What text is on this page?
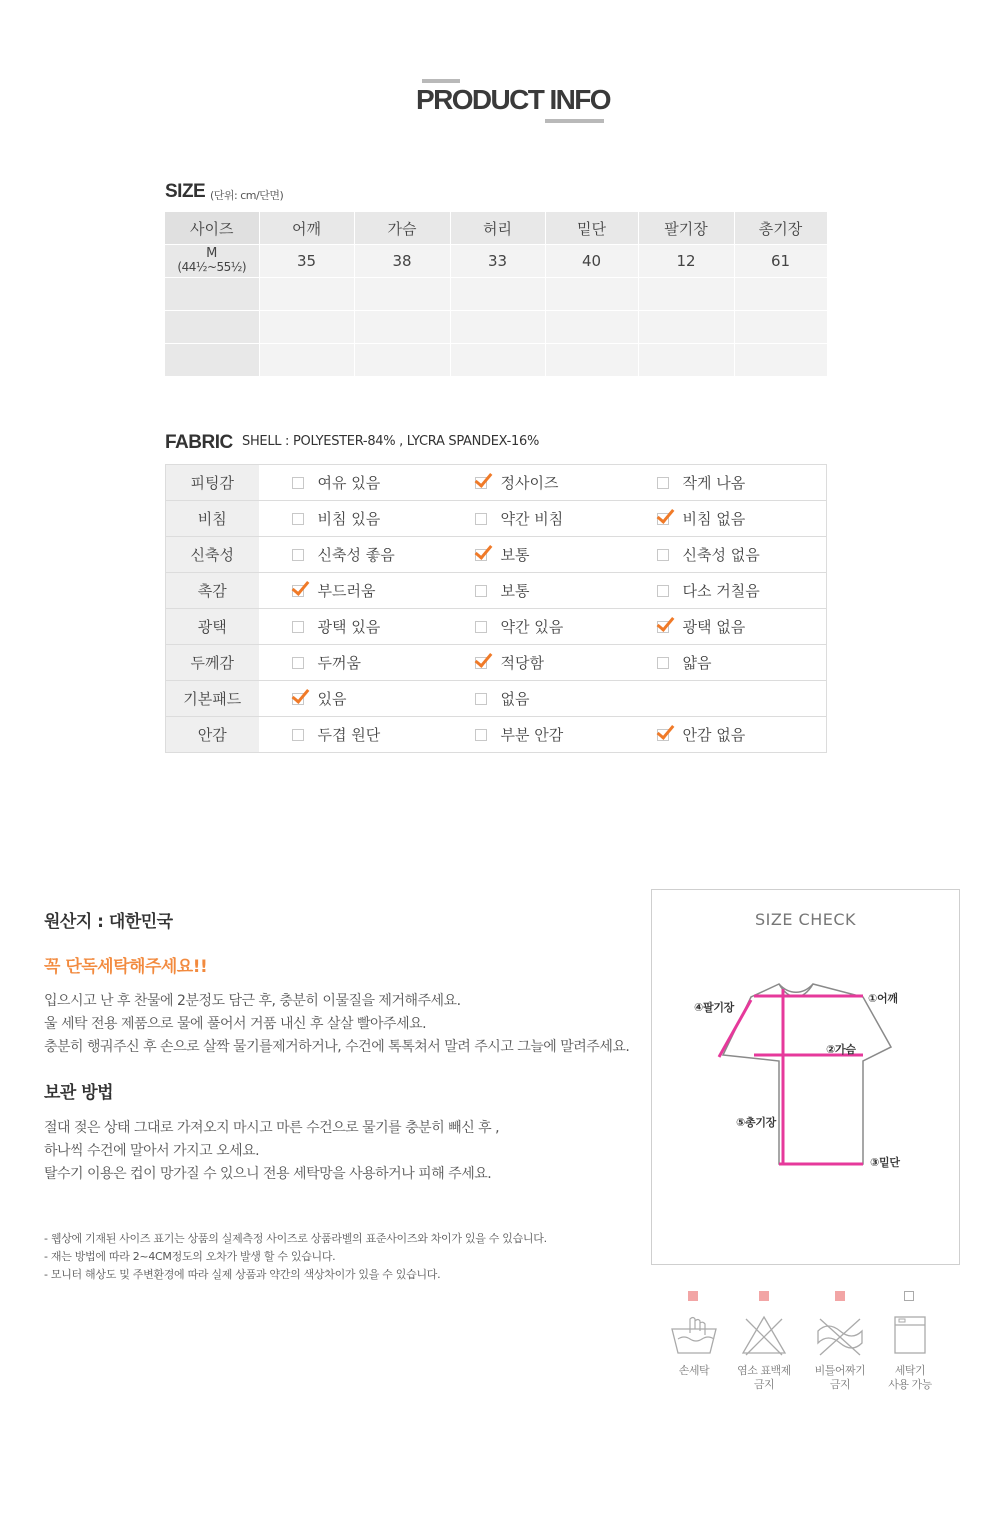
PRODUCT INFO
SIZE (단위: cm/단면)
사이즈	어깨	가슴	허리	밑단	팔기장	총기장

M
(44½~55½)	35	38	33	40	12	61

FABRIC SHELL : POLYESTER-84% , LYCRA SPANDEX-16%
피팅감	여유 있음	정사이즈	작게 나옴

비침	비침 있음	약간 비침	비침 없음

신축성	신축성 좋음	보통	신축성 없음

촉감	부드러움	보통	다소 거칠음

광택	광택 있음	약간 있음	광택 없음

두께감	두꺼움	적당함	얇음

기본패드	있음	없음	

안감	두겹 원단	부분 안감	안감 없음
원산지 : 대한민국
꼭 단독세탁해주세요!!
입으시고 난 후 찬물에 2분정도 담근 후, 충분히 이물질을 제거해주세요.
울 세탁 전용 제품으로 물에 풀어서 거품 내신 후 살살 빨아주세요.
충분히 행궈주신 후 손으로 살짝 물기를제거하거나, 수건에 톡톡쳐서 말려 주시고 그늘에 말려주세요.
보관 방법
절대 젖은 상태 그대로 가져오지 마시고 마른 수건으로 물기를 충분히 빼신 후 ,
하나씩 수건에 말아서 가지고 오세요.
탈수기 이용은 컵이 망가질 수 있으니 전용 세탁망을 사용하거나 피해 주세요.
- 웹상에 기재된 사이즈 표기는 상품의 실제측정 사이즈로 상품라벨의 표준사이즈와 차이가 있을 수 있습니다.
- 재는 방법에 따라 2~4CM정도의 오차가 발생 할 수 있습니다.
- 모니터 해상도 및 주변환경에 따라 실제 상품과 약간의 색상차이가 있을 수 있습니다.
SIZE CHECK
①어깨
②가슴
③밑단
④팔기장
⑤총기장
손세탁	염소 표백제
금지
비틀어짜기
금지
세탁기
사용 가능
